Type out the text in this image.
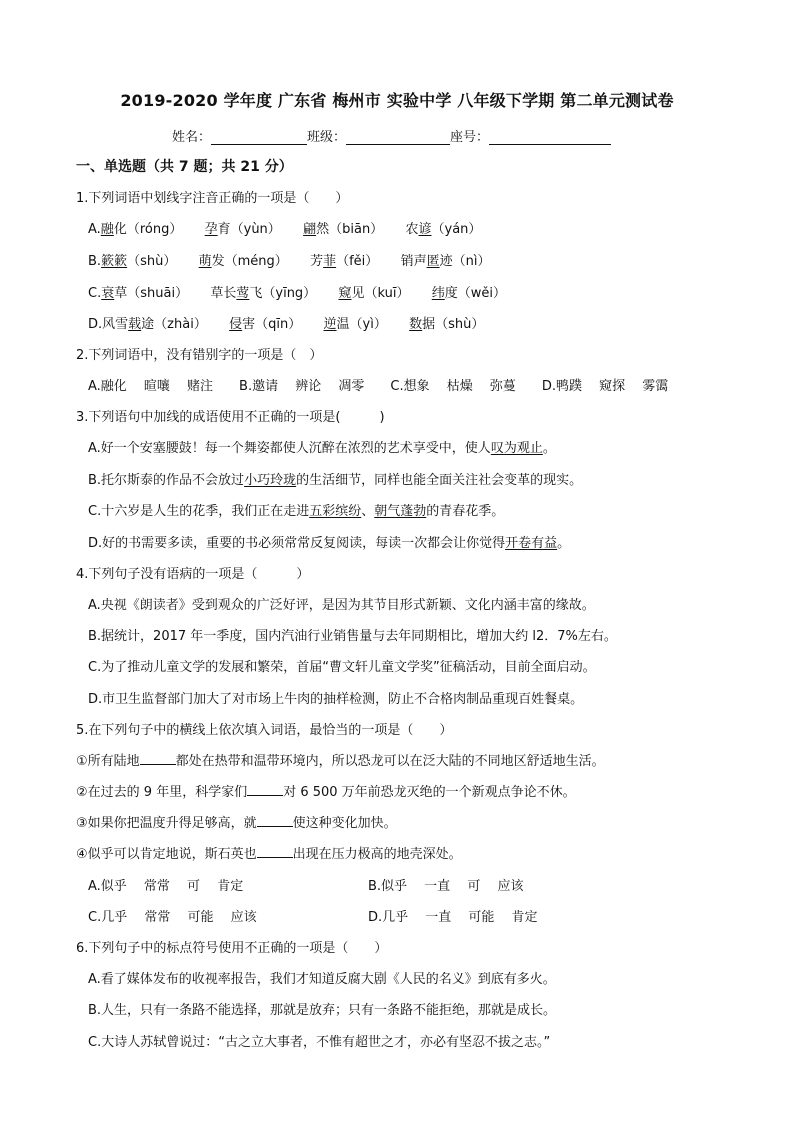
2019-2020 学年度 广东省 梅州市 实验中学 八年级下学期 第二单元测试卷
姓名：	班级：	座号：
一、单选题（共 7 题；共 21 分）
1.下列词语中划线字注音正确的一项是（　　）
A.融化（róng） 孕育（yùn） 翩然（biān） 农谚（yán）
B.簌簌（shù） 萌发（méng） 芳菲（fěi） 销声匿迹（nì）
C.衰草（shuāi） 草长莺飞（yīng） 窥见（kuī） 纬度（wěi）
D.风雪载途（zhài） 侵害（qīn） 逆温（yì） 数据（shù）
2.下列词语中，没有错别字的一项是（　）
A.融化　 暄嚷　 赌注　　B.邀请　 辨论　 凋零　　C.想象　 枯燥　 弥蔓　　D.鸭蹼　 窥探　 雾霭
3.下列语句中加线的成语使用不正确的一项是(　　　)
A.好一个安塞腰鼓！每一个舞姿都使人沉醉在浓烈的艺术享受中，使人叹为观止。
B.托尔斯泰的作品不会放过小巧玲珑的生活细节，同样也能全面关注社会变革的现实。
C.十六岁是人生的花季，我们正在走进五彩缤纷、朝气蓬勃的青春花季。
D.好的书需要多读，重要的书必须常常反复阅读，每读一次都会让你觉得开卷有益。
4.下列句子没有语病的一项是（　　　）
A.央视《朗读者》受到观众的广泛好评，是因为其节目形式新颖、文化内涵丰富的缘故。
B.据统计，2017 年一季度，国内汽油行业销售量与去年同期相比，增加大约 l2．7%左右。
C.为了推动儿童文学的发展和繁荣，首届“曹文轩儿童文学奖”征稿活动，目前全面启动。
D.市卫生监督部门加大了对市场上牛肉的抽样检测，防止不合格肉制品重现百姓餐桌。
5.在下列句子中的横线上依次填入词语，最恰当的一项是（　　）
①所有陆地	都处在热带和温带环境内，所以恐龙可以在泛大陆的不同地区舒适地生活。
②在过去的 9 年里，科学家们	对 6 500 万年前恐龙灭绝的一个新观点争论不休。
③如果你把温度升得足够高，就	使这种变化加快。
④似乎可以肯定地说，斯石英也	出现在压力极高的地壳深处。
A.似乎　 常常　 可　 肯定	B.似乎　 一直　 可　 应该
C.几乎　 常常　 可能　 应该	D.几乎　 一直　 可能　 肯定
6.下列句子中的标点符号使用不正确的一项是（　　）
A.看了媒体发布的收视率报告，我们才知道反腐大剧《人民的名义》到底有多火。
B.人生，只有一条路不能选择，那就是放弃；只有一条路不能拒绝，那就是成长。
C.大诗人苏轼曾说过：“古之立大事者，不惟有超世之才，亦必有坚忍不拔之志。”
